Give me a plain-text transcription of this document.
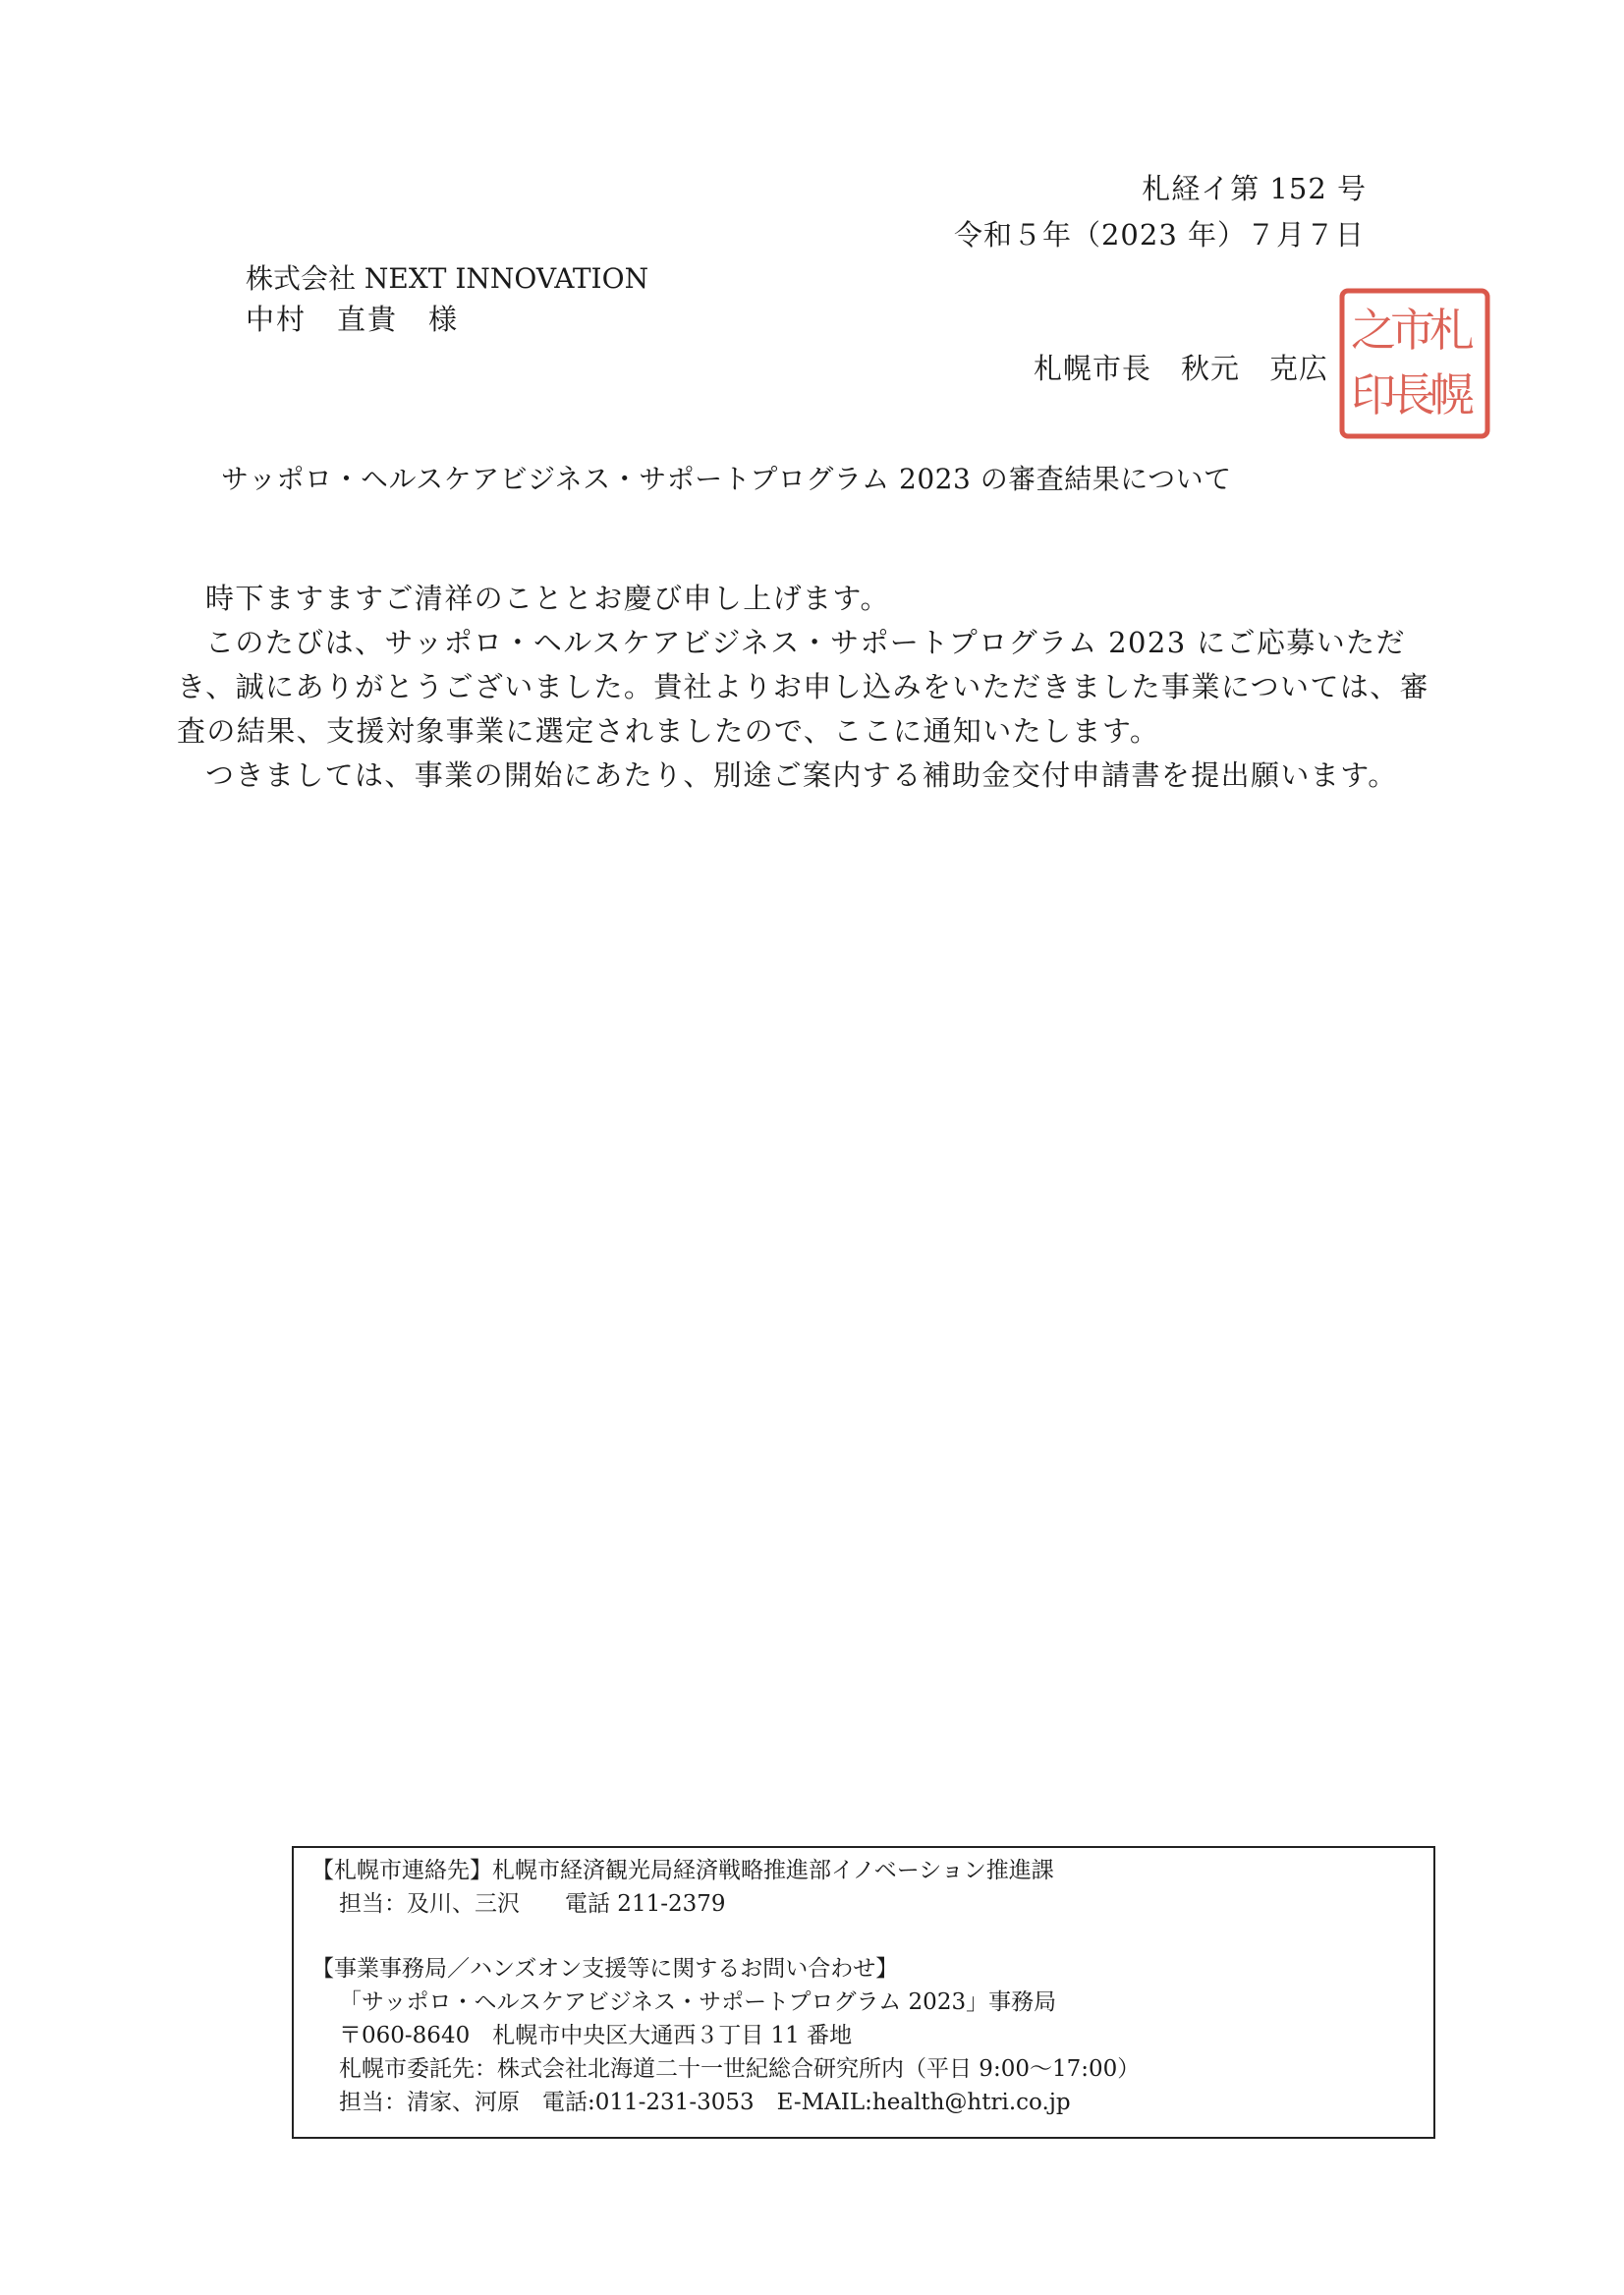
札経イ第 152 号
令和５年（2023 年）７月７日
株式会社 NEXT INNOVATION
中村　直貴　様
札幌市長　秋元　克広
札
幌
市
長
之
印
サッポロ・ヘルスケアビジネス・サポートプログラム 2023 の審査結果について

時下ますますご清祥のこととお慶び申し上げます。

このたびは、サッポロ・ヘルスケアビジネス・サポートプログラム 2023 にご応募いただき、誠にありがとうございました。貴社よりお申し込みをいただきました事業については、審査の結果、支援対象事業に選定されましたので、ここに通知いたします。

つきましては、事業の開始にあたり、別途ご案内する補助金交付申請書を提出願います。

【札幌市連絡先】札幌市経済観光局経済戦略推進部イノベーション推進課
担当：及川、三沢　　電話 211-2379
【事業事務局／ハンズオン支援等に関するお問い合わせ】
「サッポロ・ヘルスケアビジネス・サポートプログラム 2023」事務局
〒060-8640　札幌市中央区大通西３丁目 11 番地
札幌市委託先：株式会社北海道二十一世紀総合研究所内（平日 9:00～17:00）
担当：清家、河原　電話:011-231-3053　E-MAIL:health@htri.co.jp
